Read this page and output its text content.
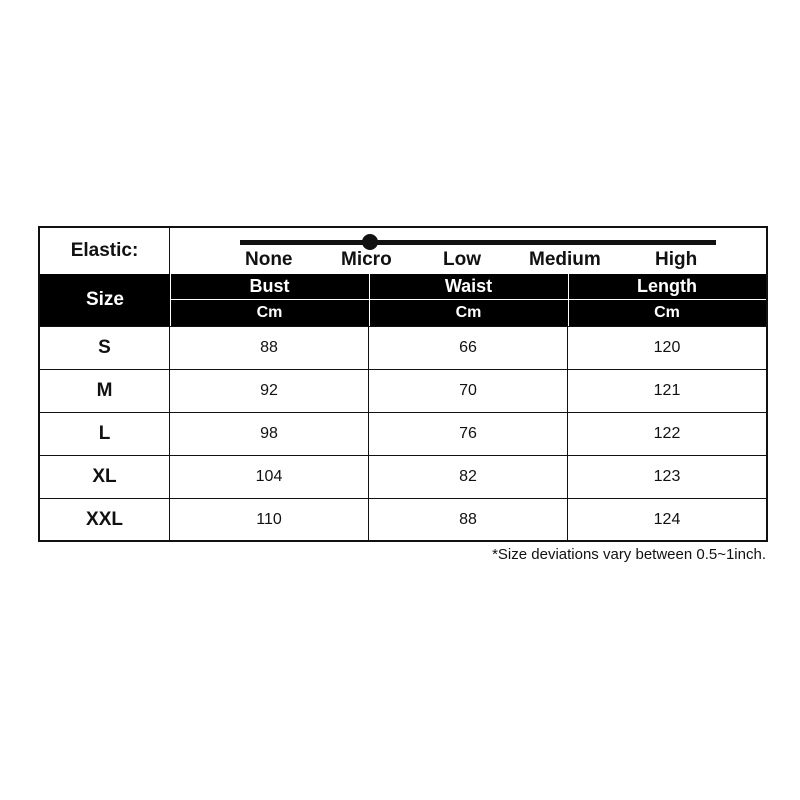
Elastic:	None	Micro	Low	Medium	High
Size
Bust	Waist	Length
Cm	Cm	Cm
S	88	66	120
M	92	70	121
L	98	76	122
XL	104	82	123
XXL	110	88	124
*Size deviations vary between 0.5~1inch.
